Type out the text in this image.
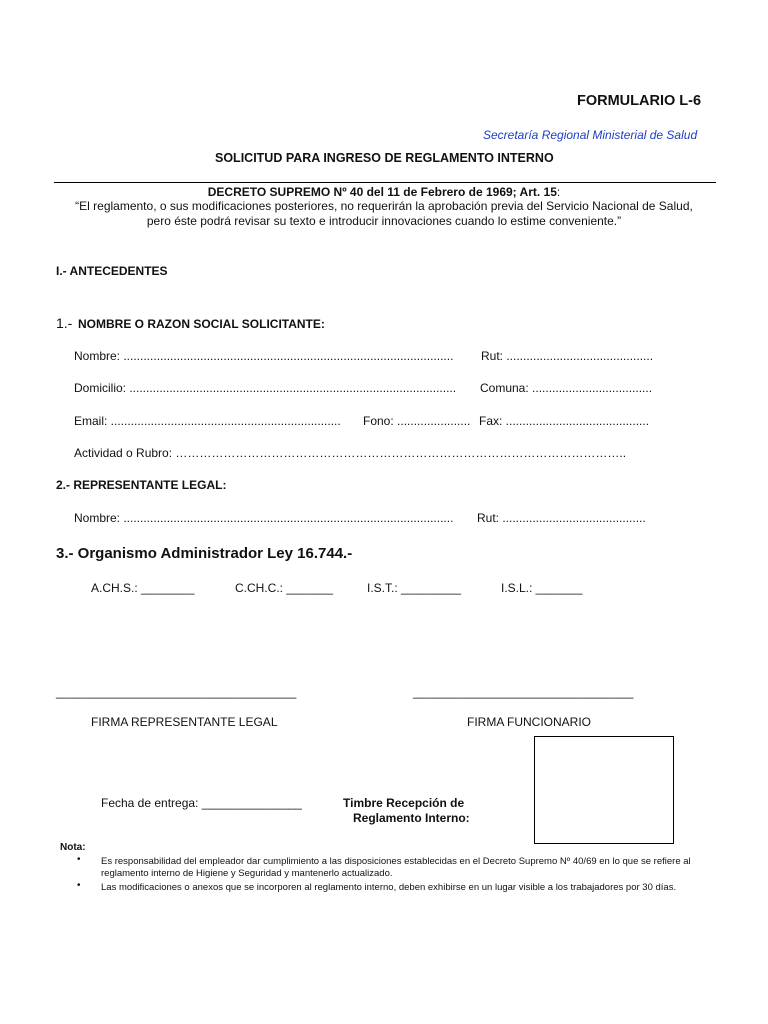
FORMULARIO L-6
Secretaría Regional Ministerial de Salud
SOLICITUD PARA INGRESO DE REGLAMENTO INTERNO
DECRETO SUPREMO Nº 40 del 11 de Febrero de 1969; Art. 15:
“El reglamento, o sus modificaciones posteriores, no requerirán la aprobación previa del Servicio Nacional de Salud,
pero éste podrá revisar su texto e introducir innovaciones cuando lo estime conveniente.”
I.- ANTECEDENTES
1.- NOMBRE O RAZON SOCIAL SOLICITANTE:
Nombre: ................................................................................................... Rut: ............................................
Domicilio: .................................................................................................. Comuna: ....................................
Email: ..................................................................... Fono: ...................... Fax: ...........................................
Actividad o Rubro: …………………………………………………………………………………………………..
2.- REPRESENTANTE LEGAL:
Nombre: ................................................................................................... Rut: ...........................................
3.- Organismo Administrador Ley 16.744.-
A.CH.S.: ________	C.CH.C.: _______	I.S.T.: _________	I.S.L.: _______
____________________________________	_________________________________
FIRMA REPRESENTANTE LEGAL	FIRMA FUNCIONARIO
Fecha de entrega: _______________	Timbre Recepción de
Reglamento Interno:
Nota:
• Es responsabilidad del empleador dar cumplimiento a las disposiciones establecidas en el Decreto Supremo Nº 40/69 en lo que se refiere al reglamento interno de Higiene y Seguridad y mantenerlo actualizado.
• Las modificaciones o anexos que se incorporen al reglamento interno, deben exhibirse en un lugar visible a los trabajadores por 30 días.
